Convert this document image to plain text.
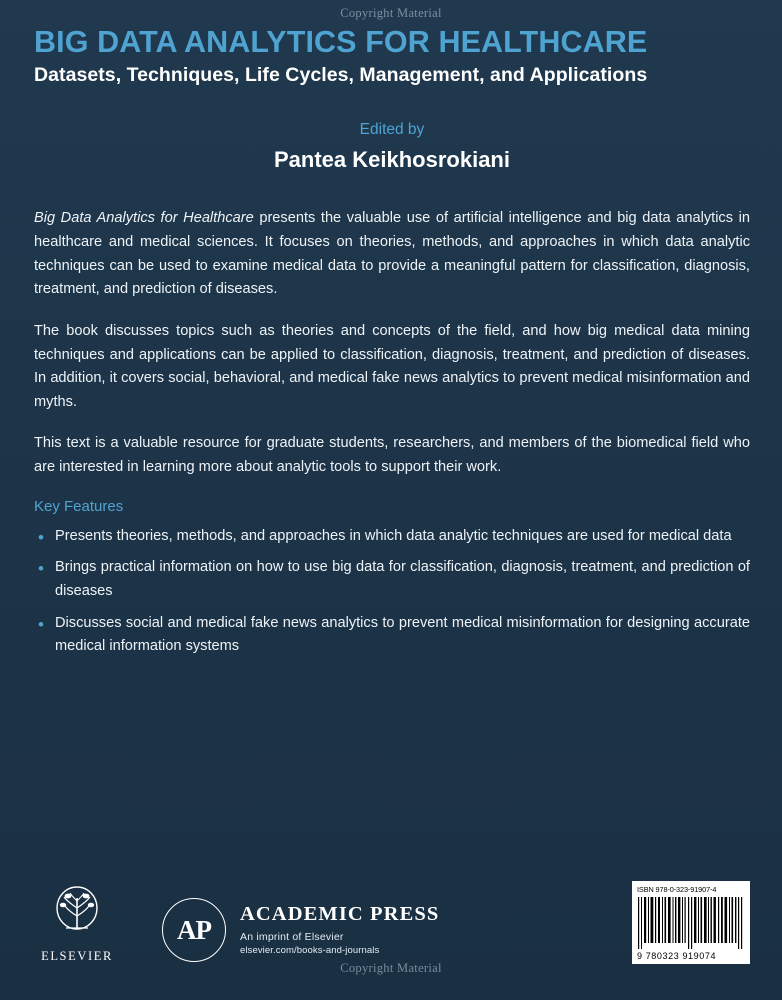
Copyright Material
BIG DATA ANALYTICS FOR HEALTHCARE
Datasets, Techniques, Life Cycles, Management, and Applications
Edited by
Pantea Keikhosrokiani

Big Data Analytics for Healthcare presents the valuable use of artificial intelligence and big data analytics in healthcare and medical sciences. It focuses on theories, methods, and approaches in which data analytic techniques can be used to examine medical data to provide a meaningful pattern for classification, diagnosis, treatment, and prediction of diseases.

The book discusses topics such as theories and concepts of the field, and how big medical data mining techniques and applications can be applied to classification, diagnosis, treatment, and prediction of diseases. In addition, it covers social, behavioral, and medical fake news analytics to prevent medical misinformation and myths.

This text is a valuable resource for graduate students, researchers, and members of the biomedical field who are interested in learning more about analytic tools to support their work.

Key Features
• Presents theories, methods, and approaches in which data analytic techniques are used for medical data
• Brings practical information on how to use big data for classification, diagnosis, treatment, and prediction of diseases
• Discusses social and medical fake news analytics to prevent medical misinformation for designing accurate medical information systems
ELSEVIER
AP
ACADEMIC PRESS
An imprint of Elsevier
elsevier.com/books-and-journals
ISBN 978-0-323-91907-4
9 780323 919074
Copyright Material
